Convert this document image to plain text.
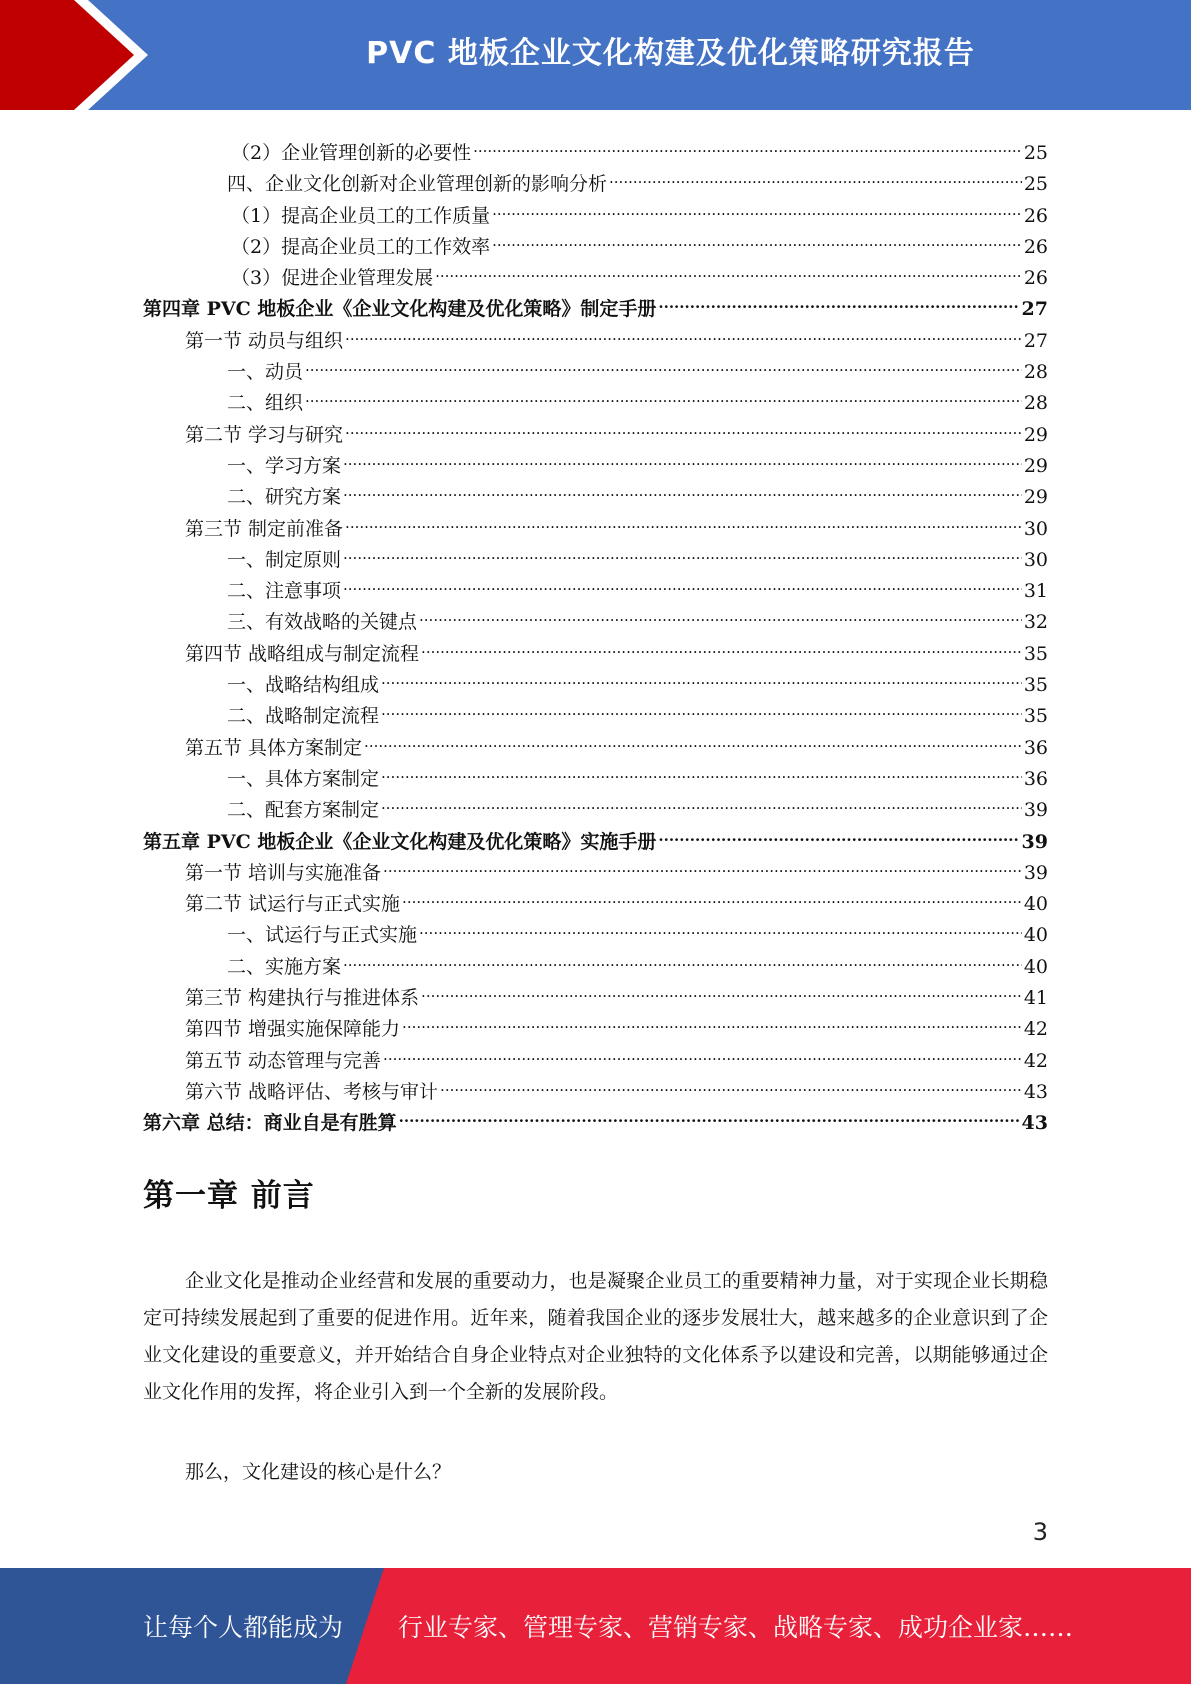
PVC 地板企业文化构建及优化策略研究报告
（2）企业管理创新的必要性 .....	25
四、企业文化创新对企业管理创新的影响分析 .....	25
（1）提高企业员工的工作质量 .....	26
（2）提高企业员工的工作效率 .....	26
（3）促进企业管理发展 .....	26
第四章 PVC 地板企业《企业文化构建及优化策略》制定手册 .....	27
第一节 动员与组织 .....	27
一、动员 .....	28
二、组织 .....	28
第二节 学习与研究 .....	29
一、学习方案 .....	29
二、研究方案 .....	29
第三节 制定前准备 .....	30
一、制定原则 .....	30
二、注意事项 .....	31
三、有效战略的关键点 .....	32
第四节 战略组成与制定流程 .....	35
一、战略结构组成 .....	35
二、战略制定流程 .....	35
第五节 具体方案制定 .....	36
一、具体方案制定 .....	36
二、配套方案制定 .....	39
第五章 PVC 地板企业《企业文化构建及优化策略》实施手册 .....	39
第一节 培训与实施准备 .....	39
第二节 试运行与正式实施 .....	40
一、试运行与正式实施 .....	40
二、实施方案 .....	40
第三节 构建执行与推进体系 .....	41
第四节 增强实施保障能力 .....	42
第五节 动态管理与完善 .....	42
第六节 战略评估、考核与审计 .....	43
第六章 总结：商业自是有胜算 .....	43
第一章 前言
企业文化是推动企业经营和发展的重要动力，也是凝聚企业员工的重要精神力量，对于实现企业长期稳定可持续发展起到了重要的促进作用。近年来，随着我国企业的逐步发展壮大，越来越多的企业意识到了企业文化建设的重要意义，并开始结合自身企业特点对企业独特的文化体系予以建设和完善，以期能够通过企业文化作用的发挥，将企业引入到一个全新的发展阶段。
那么，文化建设的核心是什么？
3
让每个人都能成为 行业专家、管理专家、营销专家、战略专家、成功企业家……
